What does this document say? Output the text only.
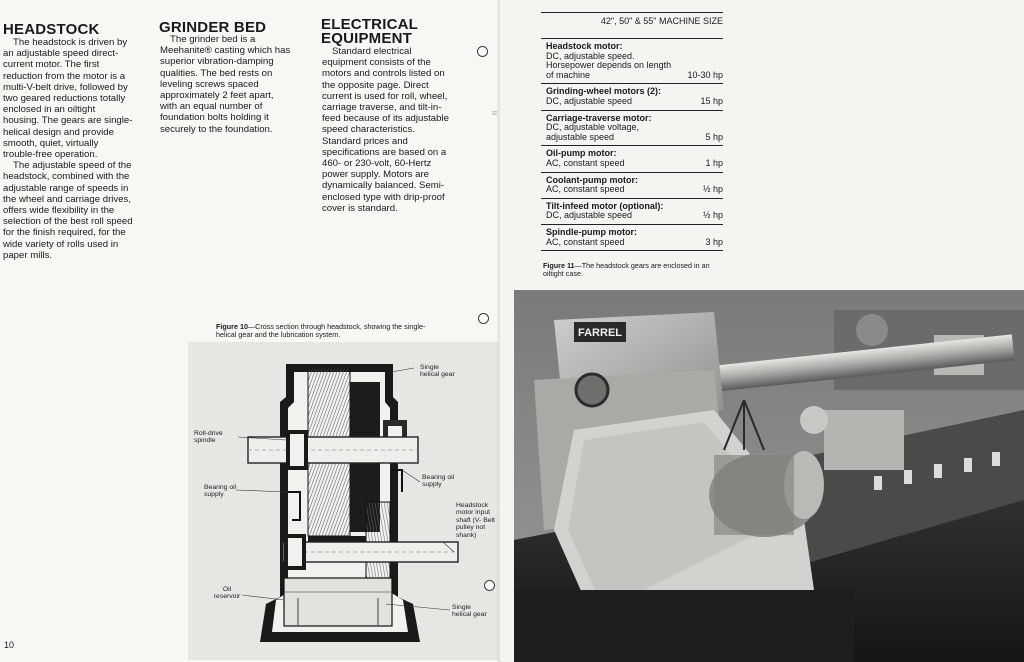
HEADSTOCK

The headstock is driven by an adjustable speed direct-current motor. The first reduction from the motor is a multi-V-belt drive, followed by two geared reductions totally enclosed in an oiltight housing. The gears are single-helical design and provide smooth, quiet, virtually trouble-free operation.

The adjustable speed of the headstock, combined with the adjustable range of speeds in the wheel and carriage drives, offers wide flexibility in the selection of the best roll speed for the finish required, for the wide variety of rolls used in paper mills.

GRINDER BED

The grinder bed is a Meehanite® casting which has superior vibration-damping qualities. The bed rests on leveling screws spaced approximately 2 feet apart, with an equal number of foundation bolts holding it securely to the foundation.

ELECTRICAL EQUIPMENT

Standard electrical equipment consists of the motors and controls listed on the opposite page. Direct current is used for roll, wheel, carriage traverse, and tilt-in-feed because of its adjustable speed characteristics. Standard prices and specifications are based on a 460- or 230-volt, 60-Hertz power supply. Motors are dynamically balanced. Semi-enclosed type with drip-proof cover is standard.

Figure 10—Cross section through headstock, showing the single-helical gear and the lubrication system.
Single helical gear
Roll-drive spindle
Bearing oil supply
Bearing oil supply
Headstock motor input shaft (V- Belt pulley not shank)
Oil reservoir
Single helical gear
10
|||
42", 50" & 55" MACHINE SIZE
Headstock motor:
DC, adjustable speed. Horsepower depends on length of machine	10-30 hp
Grinding-wheel motors (2):
DC, adjustable speed	15 hp
Carriage-traverse motor:
DC, adjustable voltage, adjustable speed	5 hp
Oil-pump motor:
AC, constant speed	1 hp
Coolant-pump motor:
AC, constant speed	½ hp
Tilt-infeed motor (optional):
DC, adjustable speed	½ hp
Spindle-pump motor:
AC, constant speed	3 hp
Figure 11—The headstock gears are enclosed in an oiltight case.
FARREL
11
